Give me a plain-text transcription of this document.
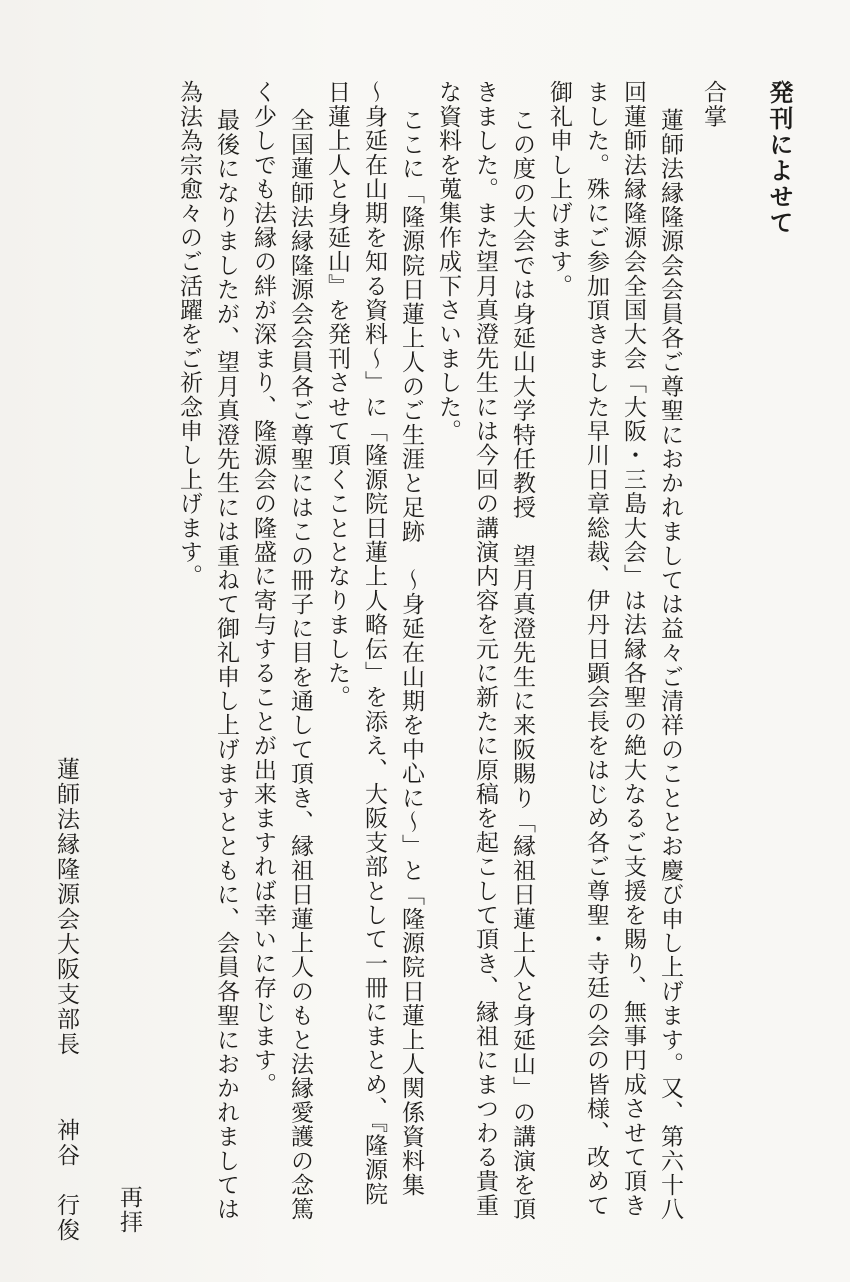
発刊によせて

合掌

蓮師法縁隆源会会員各ご尊聖におかれましては益々ご清祥のこととお慶び申し上げます。又、第六十八

回蓮師法縁隆源会全国大会「大阪・三島大会」は法縁各聖の絶大なるご支援を賜り、無事円成させて頂き

ました。殊にご参加頂きました早川日章総裁、伊丹日顕会長をはじめ各ご尊聖・寺廷の会の皆様、改めて

御礼申し上げます。

この度の大会では身延山大学特任教授　望月真澄先生に来阪賜り「縁祖日蓮上人と身延山」の講演を頂

きました。また望月真澄先生には今回の講演内容を元に新たに原稿を起こして頂き、縁祖にまつわる貴重

な資料を蒐集作成下さいました。

ここに「隆源院日蓮上人のご生涯と足跡　〜身延在山期を中心に〜」と「隆源院日蓮上人関係資料集

〜身延在山期を知る資料〜」に「隆源院日蓮上人略伝」を添え、大阪支部として一冊にまとめ、『隆源院

日蓮上人と身延山』を発刊させて頂くこととなりました。

全国蓮師法縁隆源会会員各ご尊聖にはこの冊子に目を通して頂き、縁祖日蓮上人のもと法縁愛護の念篤

く少しでも法縁の絆が深まり、隆源会の隆盛に寄与することが出来ますれば幸いに存じます。

最後になりましたが、望月真澄先生には重ねて御礼申し上げますとともに、会員各聖におかれましては

為法為宗愈々のご活躍をご祈念申し上げます。

再拝

蓮師法縁隆源会大阪支部長

神谷　行俊
